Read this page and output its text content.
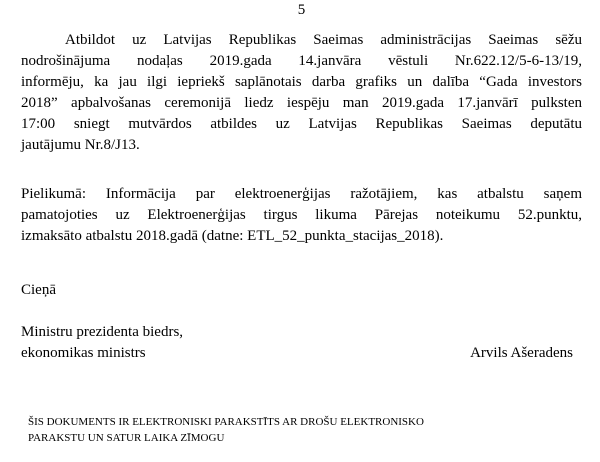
5
Atbildot uz Latvijas Republikas Saeimas administrācijas Saeimas sēžu
nodrošinājuma nodaļas 2019.gada 14.janvāra vēstuli Nr.622.12/5-6-13/19,
informēju, ka jau ilgi iepriekš saplānotais darba grafiks un dalība “Gada investors
2018” apbalvošanas ceremonijā liedz iespēju man 2019.gada 17.janvārī pulksten
17:00 sniegt mutvārdos atbildes uz Latvijas Republikas Saeimas deputātu
jautājumu Nr.8/J13.
Pielikumā: Informācija par elektroenerģijas ražotājiem, kas atbalstu saņem
pamatojoties uz Elektroenerģijas tirgus likuma Pārejas noteikumu 52.punktu,
izmaksāto atbalstu 2018.gadā (datne: ETL_52_punkta_stacijas_2018).
Cieņā
Ministru prezidenta biedrs,
ekonomikas ministrs	Arvils Ašeradens
ŠIS DOKUMENTS IR ELEKTRONISKI PARAKSTĪTS AR DROŠU ELEKTRONISKO
PARAKSTU UN SATUR LAIKA ZĪMOGU
